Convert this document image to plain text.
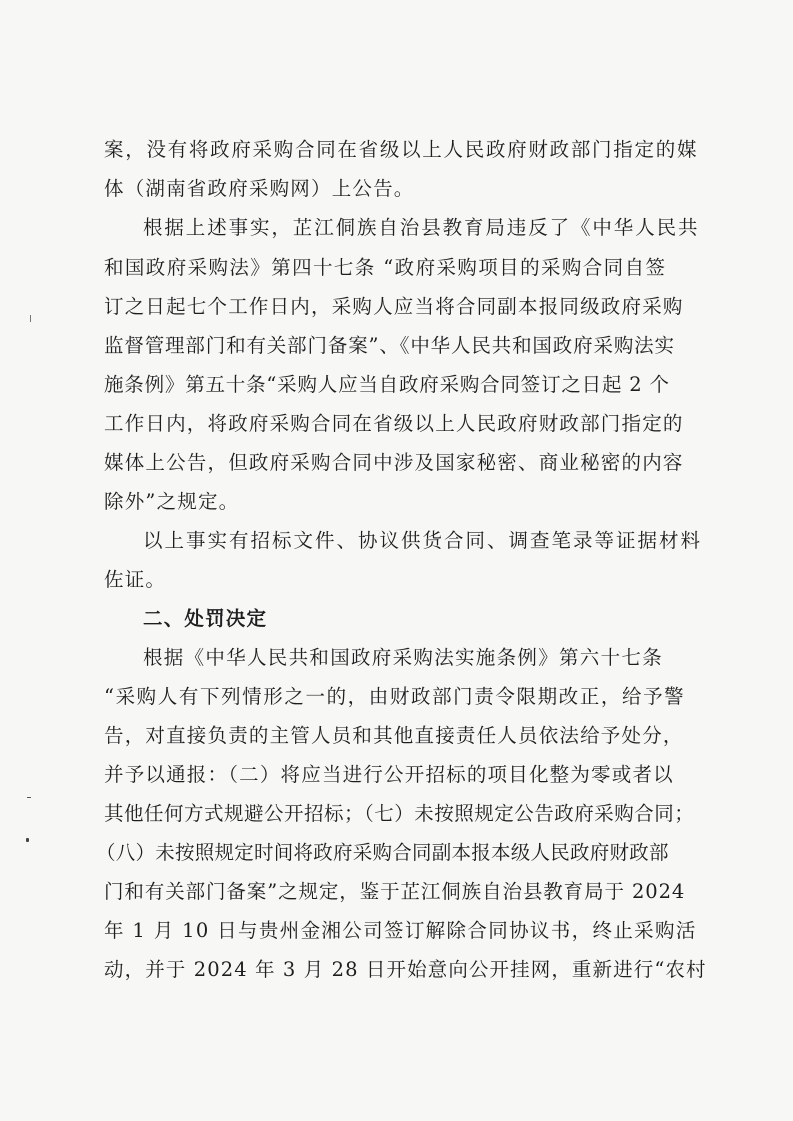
案，没有将政府采购合同在省级以上人民政府财政部门指定的媒
体（湖南省政府采购网）上公告。
根据上述事实，芷江侗族自治县教育局违反了《中华人民共
和国政府采购法》第四十七条 “政府采购项目的采购合同自签
订之日起七个工作日内，采购人应当将合同副本报同级政府采购
监督管理部门和有关部门备案”、《中华人民共和国政府采购法实
施条例》第五十条“采购人应当自政府采购合同签订之日起 2 个
工作日内，将政府采购合同在省级以上人民政府财政部门指定的
媒体上公告，但政府采购合同中涉及国家秘密、商业秘密的内容
除外”之规定。
以上事实有招标文件、协议供货合同、调查笔录等证据材料
佐证。
二、处罚决定
根据《中华人民共和国政府采购法实施条例》第六十七条
“采购人有下列情形之一的，由财政部门责令限期改正，给予警
告，对直接负责的主管人员和其他直接责任人员依法给予处分，
并予以通报：（二）将应当进行公开招标的项目化整为零或者以
其他任何方式规避公开招标；（七）未按照规定公告政府采购合同；
（八）未按照规定时间将政府采购合同副本报本级人民政府财政部
门和有关部门备案”之规定，鉴于芷江侗族自治县教育局于 2024
年 1 月 10 日与贵州金湘公司签订解除合同协议书，终止采购活
动，并于 2024 年 3 月 28 日开始意向公开挂网，重新进行“农村
